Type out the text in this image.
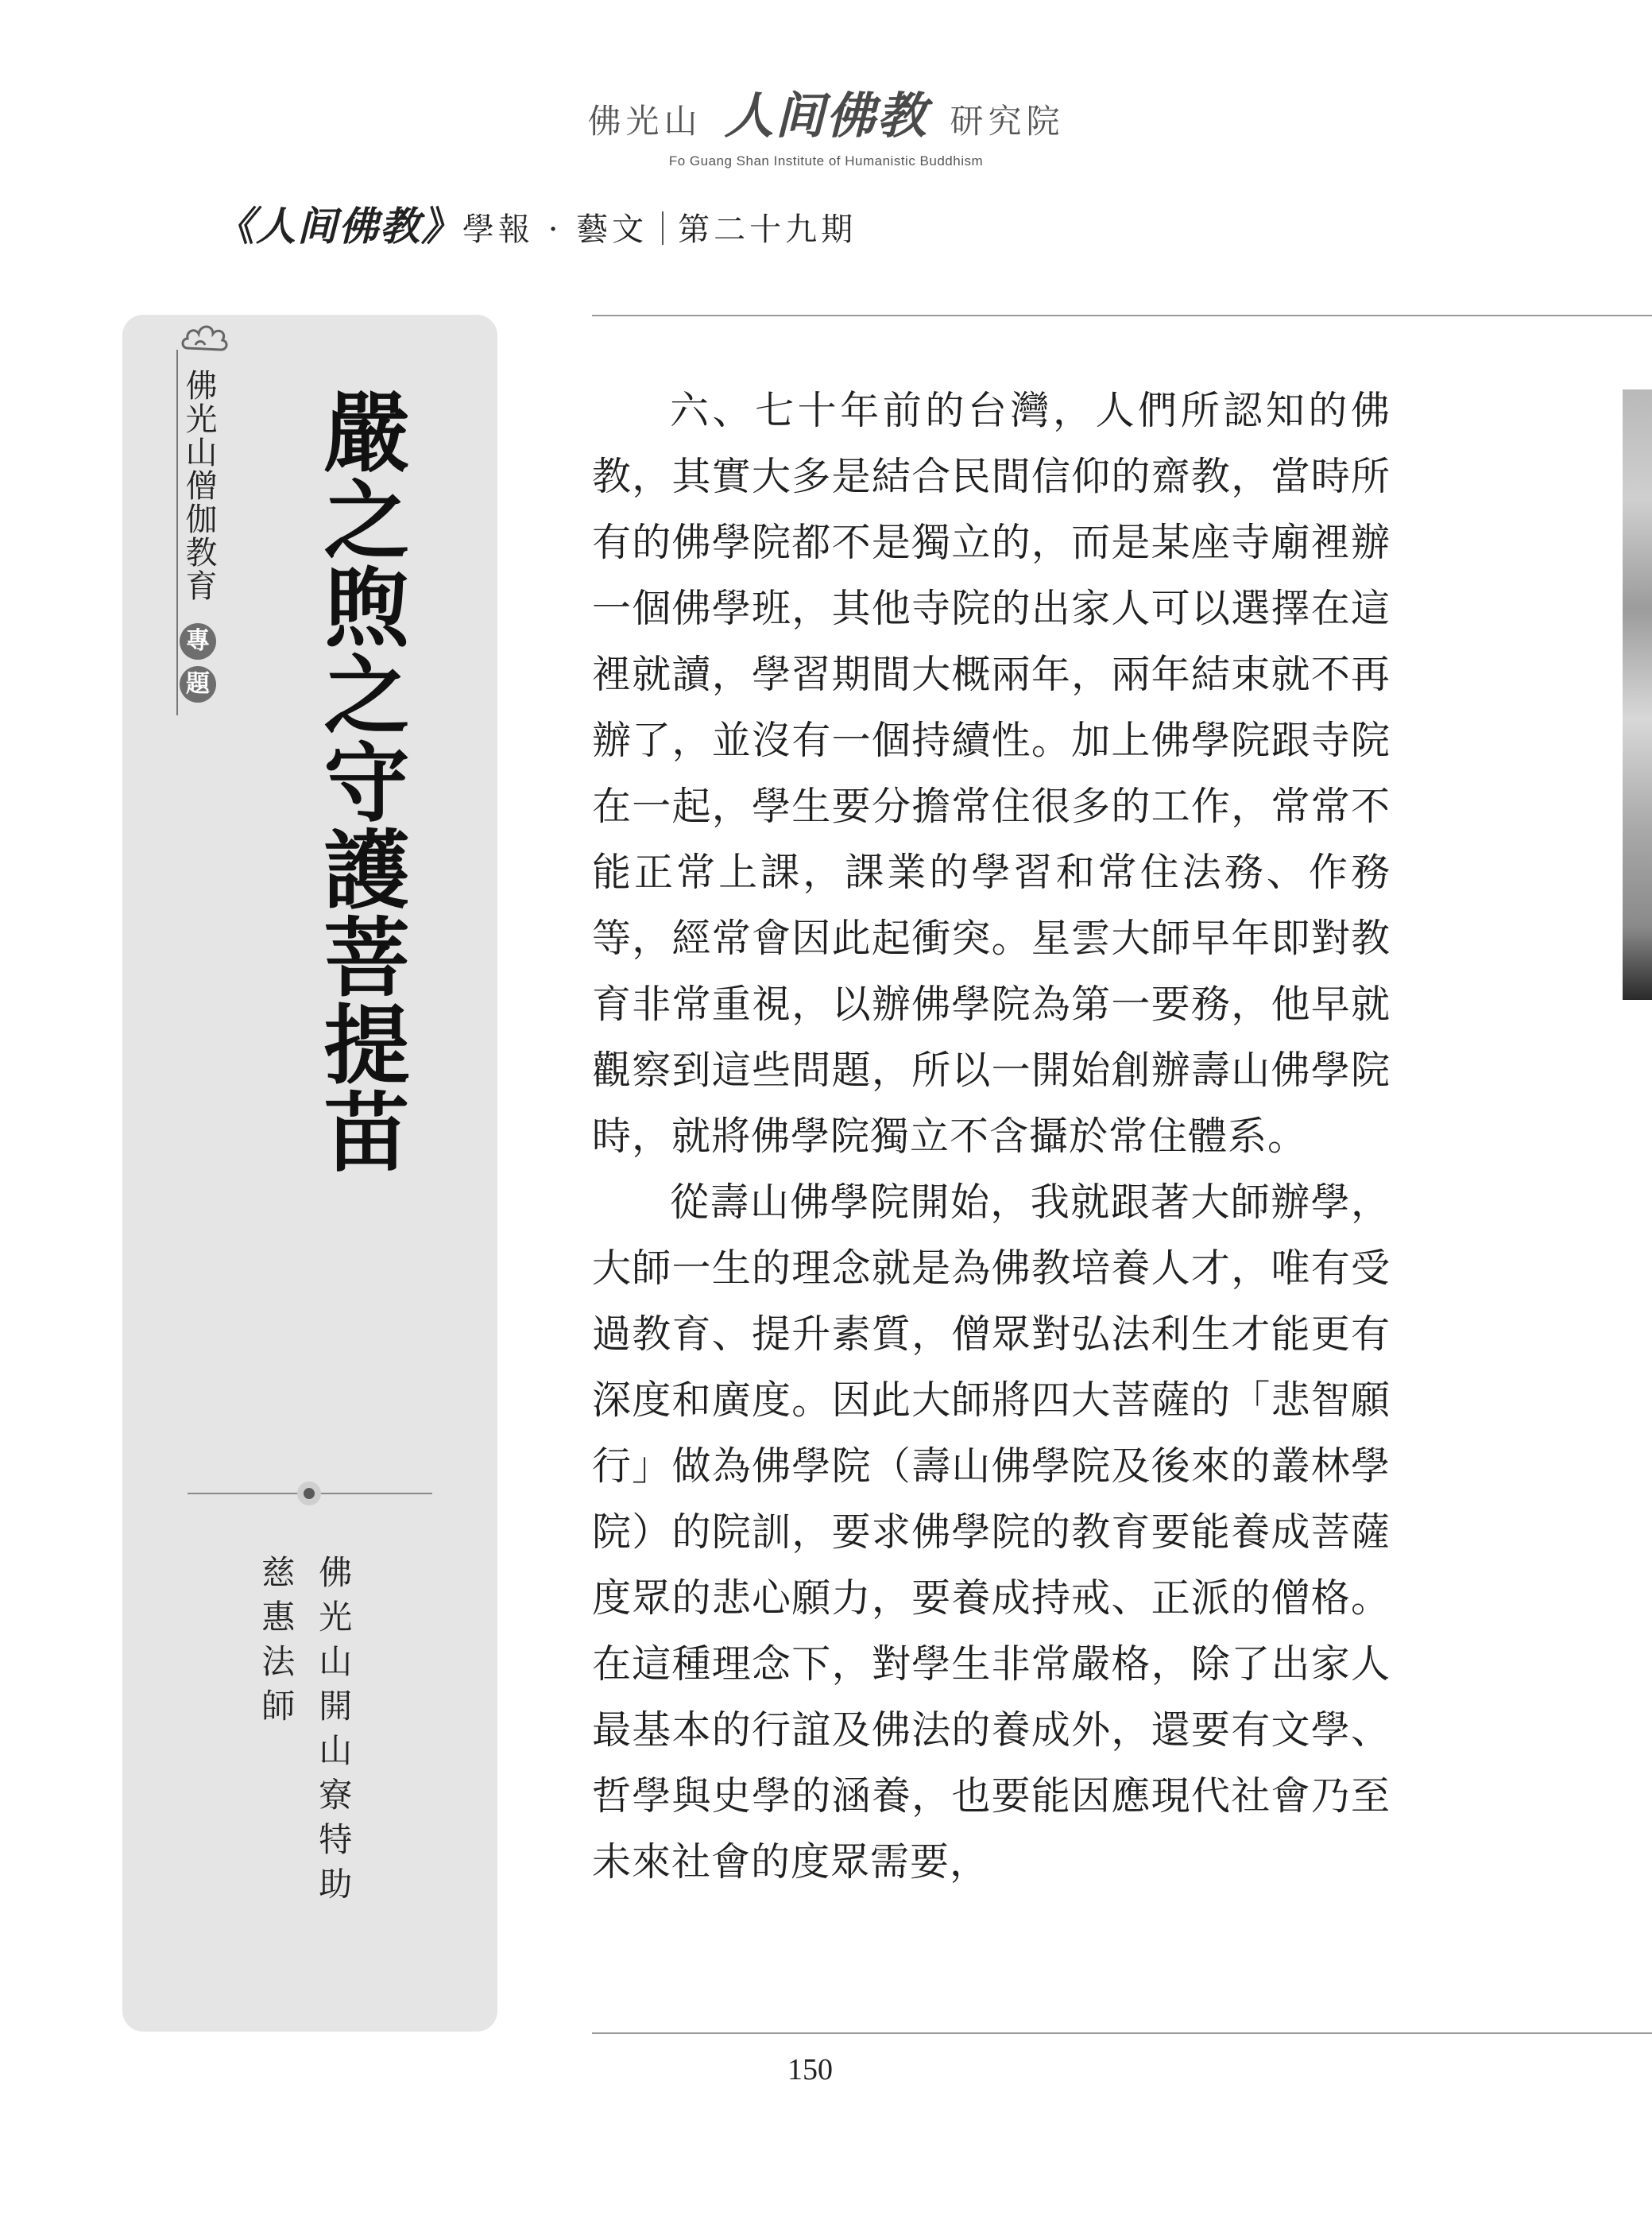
佛光山 人间佛教 研究院
Fo Guang Shan Institute of Humanistic Buddhism
《人间佛教》 學報 · 藝文 第二十九期
佛光山僧伽教育
專
題 嚴之煦之守護菩提苗
佛光山開山寮特助
慈惠法師

六、七十年前的台灣，人們所認知的佛教，其實大多是結合民間信仰的齋教，當時所有的佛學院都不是獨立的，而是某座寺廟裡辦一個佛學班，其他寺院的出家人可以選擇在這裡就讀，學習期間大概兩年，兩年結束就不再辦了，並沒有一個持續性。加上佛學院跟寺院在一起，學生要分擔常住很多的工作，常常不能正常上課，課業的學習和常住法務、作務等，經常會因此起衝突。星雲大師早年即對教育非常重視，以辦佛學院為第一要務，他早就觀察到這些問題，所以一開始創辦壽山佛學院時，就將佛學院獨立不含攝於常住體系。

從壽山佛學院開始，我就跟著大師辦學，大師一生的理念就是為佛教培養人才，唯有受過教育、提升素質，僧眾對弘法利生才能更有深度和廣度。因此大師將四大菩薩的「悲智願行」做為佛學院（壽山佛學院及後來的叢林學院）的院訓，要求佛學院的教育要能養成菩薩度眾的悲心願力，要養成持戒、正派的僧格。在這種理念下，對學生非常嚴格，除了出家人最基本的行誼及佛法的養成外，還要有文學、哲學與史學的涵養，也要能因應現代社會乃至未來社會的度眾需要，

150
